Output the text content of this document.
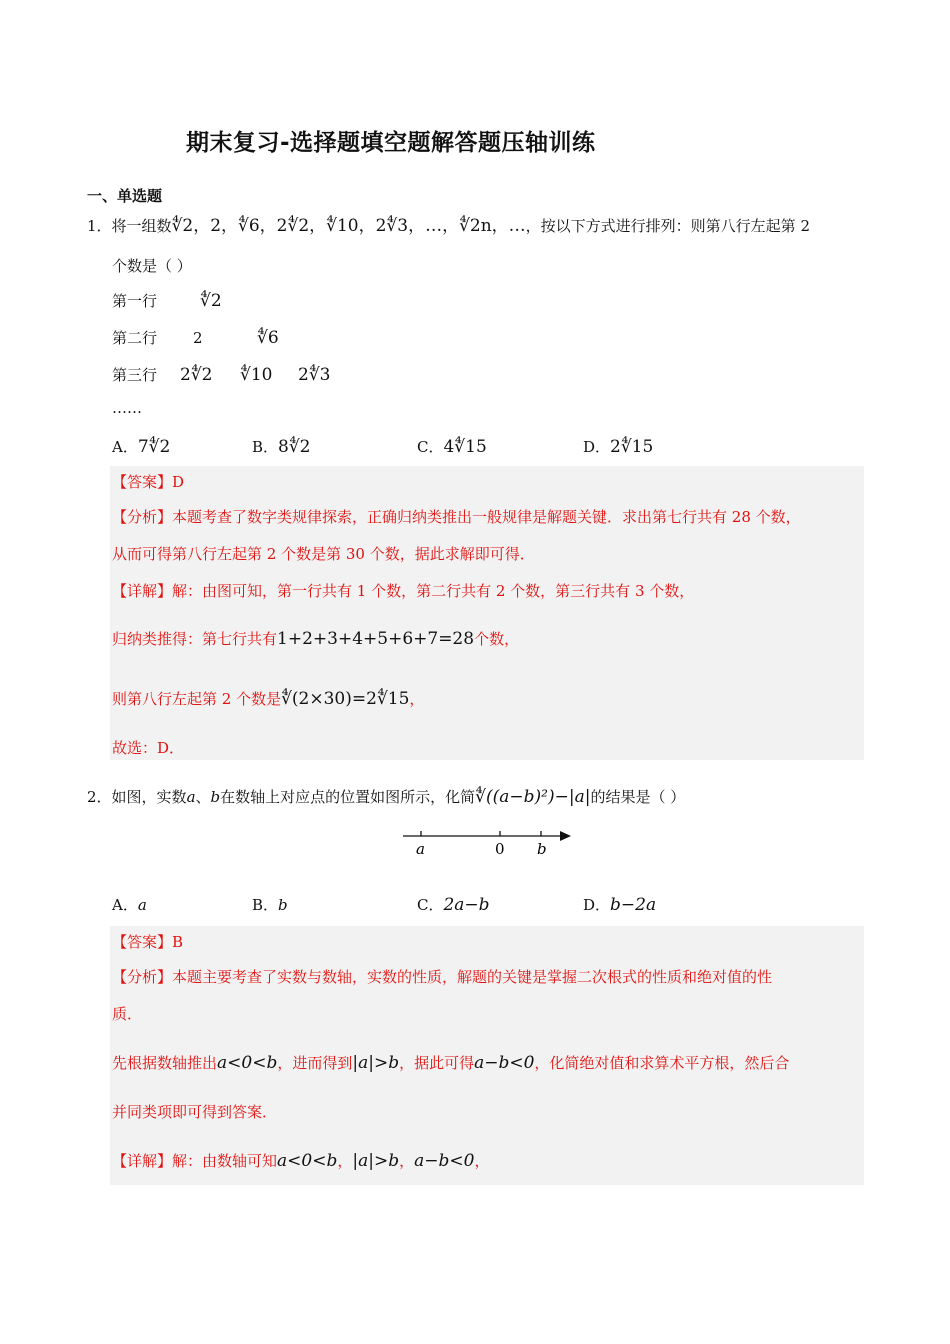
期末复习-选择题填空题解答题压轴训练
一、单选题
1．将一组数∜2，2，∜6，2∜2，∜10，2∜3，…，∜2n，…，按以下方式进行排列：则第八行左起第 2
个数是（ ）
第一行	∜2
第二行 2	∜6
第三行 2∜2 ∜10 2∜3
……
A．7∜2	B．8∜2	C．4∜15	D．2∜15
【答案】D
【分析】本题考查了数字类规律探索，正确归纳类推出一般规律是解题关键．求出第七行共有 28 个数，
从而可得第八行左起第 2 个数是第 30 个数，据此求解即可得．
【详解】解：由图可知，第一行共有 1 个数，第二行共有 2 个数，第三行共有 3 个数，
归纳类推得：第七行共有1+2+3+4+5+6+7=28个数，
则第八行左起第 2 个数是∜(2×30)=2∜15，
故选：D．
2．如图，实数a、b在数轴上对应点的位置如图所示，化简∜((a−b)²)−|a|的结果是（ ）
a	0 b
A．a	B．b	C．2a−b	D．b−2a
【答案】B
【分析】本题主要考查了实数与数轴，实数的性质，解题的关键是掌握二次根式的性质和绝对值的性
质．
先根据数轴推出a<0<b，进而得到|a|>b，据此可得a−b<0，化简绝对值和求算术平方根，然后合
并同类项即可得到答案．
【详解】解：由数轴可知a<0<b，|a|>b，a−b<0，
